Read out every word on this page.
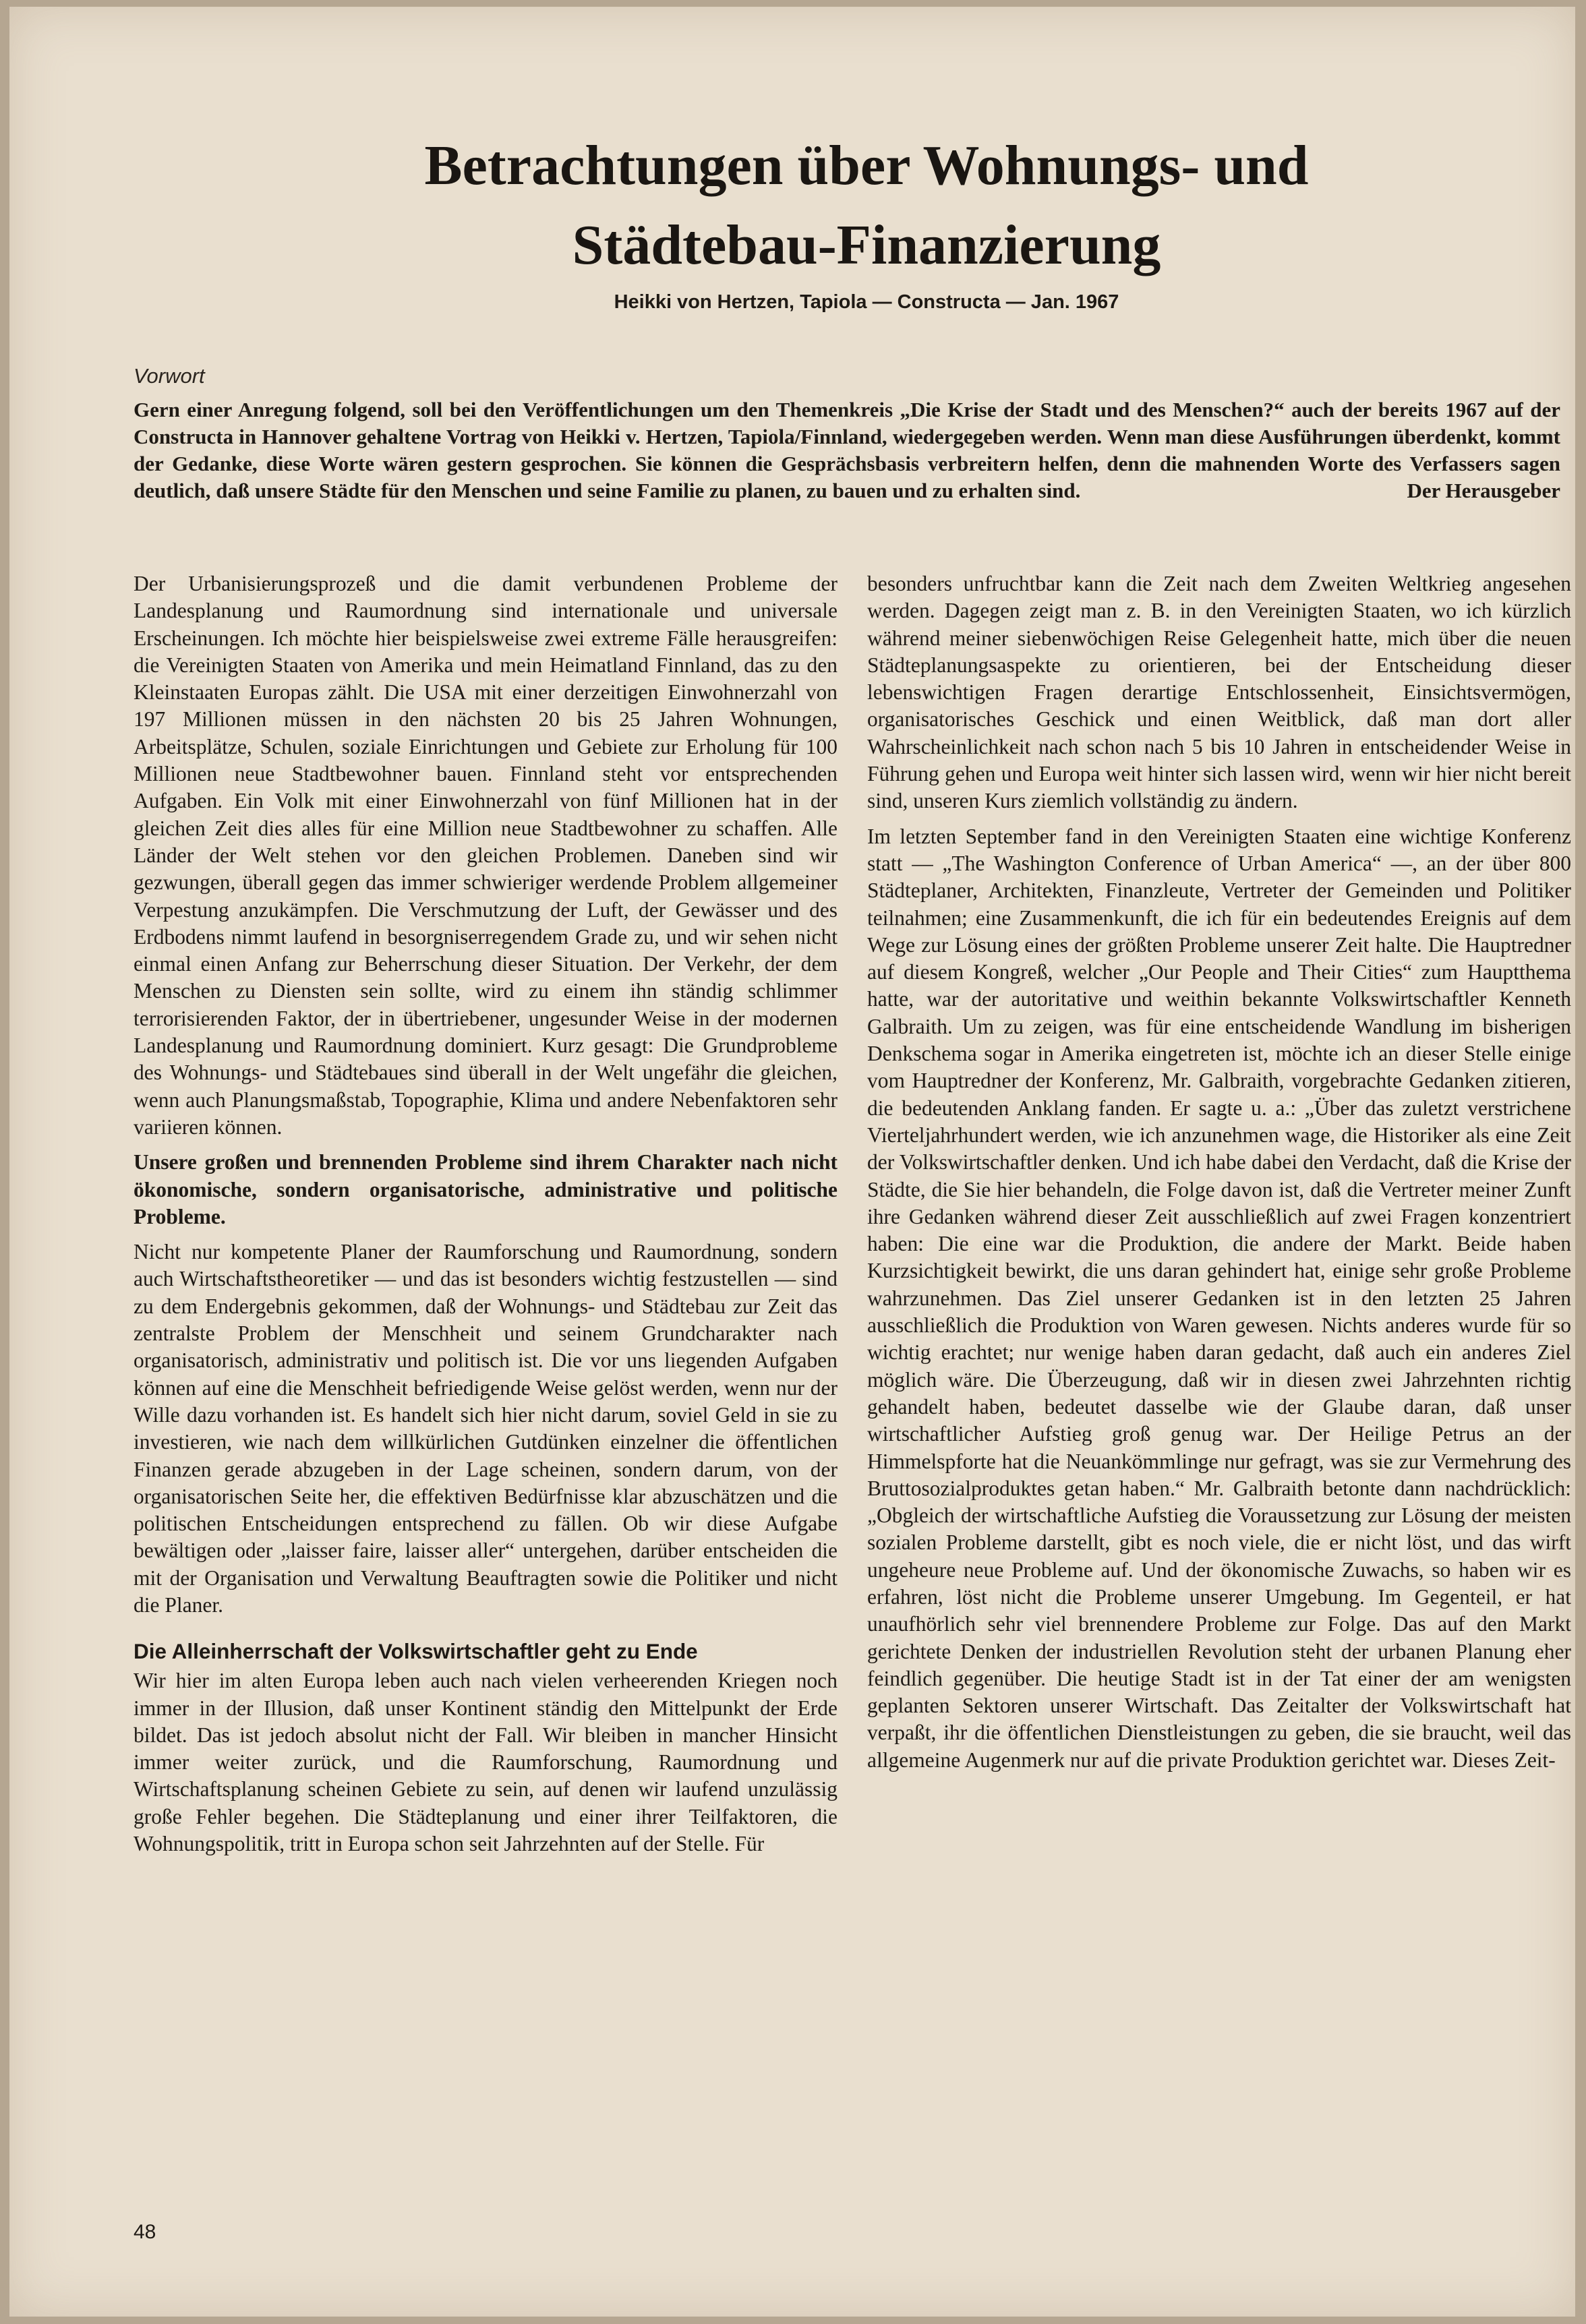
Betrachtungen über Wohnungs- und
Städtebau-Finanzierung
Heikki von Hertzen, Tapiola — Constructa — Jan. 1967
Vorwort
Gern einer Anregung folgend, soll bei den Veröffentlichungen um den Themenkreis „Die Krise der Stadt und des Menschen?“ auch der bereits 1967 auf der Constructa in Hannover gehaltene Vortrag von Heikki v. Hertzen, Tapiola/Finnland, wiedergegeben werden. Wenn man diese Ausführungen überdenkt, kommt der Gedanke, diese Worte wären gestern gesprochen. Sie können die Gesprächsbasis verbreitern helfen, denn die mahnenden Worte des Verfassers sagen deutlich, daß unsere Städte für den Menschen und seine Familie zu planen, zu bauen und zu erhalten sind.	Der Herausgeber

Der Urbanisierungsprozeß und die damit verbundenen Probleme der Landesplanung und Raumordnung sind internationale und universale Erscheinungen. Ich möchte hier beispielsweise zwei extreme Fälle herausgreifen: die Vereinigten Staaten von Amerika und mein Heimatland Finnland, das zu den Kleinstaaten Europas zählt. Die USA mit einer derzeitigen Einwohnerzahl von 197 Millionen müssen in den nächsten 20 bis 25 Jahren Wohnungen, Arbeitsplätze, Schulen, soziale Einrichtungen und Gebiete zur Erholung für 100 Millionen neue Stadtbewohner bauen. Finnland steht vor entsprechenden Aufgaben. Ein Volk mit einer Einwohnerzahl von fünf Millionen hat in der gleichen Zeit dies alles für eine Million neue Stadtbewohner zu schaffen. Alle Länder der Welt stehen vor den gleichen Problemen. Daneben sind wir gezwungen, überall gegen das immer schwieriger werdende Problem allgemeiner Verpestung anzukämpfen. Die Verschmutzung der Luft, der Gewässer und des Erdbodens nimmt laufend in besorgniserregendem Grade zu, und wir sehen nicht einmal einen Anfang zur Beherrschung dieser Situation. Der Verkehr, der dem Menschen zu Diensten sein sollte, wird zu einem ihn ständig schlimmer terrorisierenden Faktor, der in übertriebener, ungesunder Weise in der modernen Landesplanung und Raumordnung dominiert. Kurz gesagt: Die Grundprobleme des Wohnungs- und Städtebaues sind überall in der Welt ungefähr die gleichen, wenn auch Planungsmaßstab, Topographie, Klima und andere Nebenfaktoren sehr variieren können.

Unsere großen und brennenden Probleme sind ihrem Charakter nach nicht ökonomische, sondern organisatorische, administrative und politische Probleme.

Nicht nur kompetente Planer der Raumforschung und Raumordnung, sondern auch Wirtschaftstheoretiker — und das ist besonders wichtig festzustellen — sind zu dem Endergebnis gekommen, daß der Wohnungs- und Städtebau zur Zeit das zentralste Problem der Menschheit und seinem Grundcharakter nach organisatorisch, administrativ und politisch ist. Die vor uns liegenden Aufgaben können auf eine die Menschheit befriedigende Weise gelöst werden, wenn nur der Wille dazu vorhanden ist. Es handelt sich hier nicht darum, soviel Geld in sie zu investieren, wie nach dem willkürlichen Gutdünken einzelner die öffentlichen Finanzen gerade abzugeben in der Lage scheinen, sondern darum, von der organisatorischen Seite her, die effektiven Bedürfnisse klar abzuschätzen und die politischen Entscheidungen entsprechend zu fällen. Ob wir diese Aufgabe bewältigen oder „laisser faire, laisser aller“ untergehen, darüber entscheiden die mit der Organisation und Verwaltung Beauftragten sowie die Politiker und nicht die Planer.

Die Alleinherrschaft der Volkswirtschaftler geht zu Ende

Wir hier im alten Europa leben auch nach vielen verheerenden Kriegen noch immer in der Illusion, daß unser Kontinent ständig den Mittelpunkt der Erde bildet. Das ist jedoch absolut nicht der Fall. Wir bleiben in mancher Hinsicht immer weiter zurück, und die Raumforschung, Raumordnung und Wirtschaftsplanung scheinen Gebiete zu sein, auf denen wir laufend unzulässig große Fehler begehen. Die Städteplanung und einer ihrer Teilfaktoren, die Wohnungspolitik, tritt in Europa schon seit Jahrzehnten auf der Stelle. Für

besonders unfruchtbar kann die Zeit nach dem Zweiten Weltkrieg angesehen werden. Dagegen zeigt man z. B. in den Vereinigten Staaten, wo ich kürzlich während meiner siebenwöchigen Reise Gelegenheit hatte, mich über die neuen Städteplanungsaspekte zu orientieren, bei der Entscheidung dieser lebenswichtigen Fragen derartige Entschlossenheit, Einsichtsvermögen, organisatorisches Geschick und einen Weitblick, daß man dort aller Wahrscheinlichkeit nach schon nach 5 bis 10 Jahren in entscheidender Weise in Führung gehen und Europa weit hinter sich lassen wird, wenn wir hier nicht bereit sind, unseren Kurs ziemlich vollständig zu ändern.

Im letzten September fand in den Vereinigten Staaten eine wichtige Konferenz statt — „The Washington Conference of Urban America“ —, an der über 800 Städteplaner, Architekten, Finanzleute, Vertreter der Gemeinden und Politiker teilnahmen; eine Zusammenkunft, die ich für ein bedeutendes Ereignis auf dem Wege zur Lösung eines der größten Probleme unserer Zeit halte. Die Hauptredner auf diesem Kongreß, welcher „Our People and Their Cities“ zum Hauptthema hatte, war der autoritative und weithin bekannte Volkswirtschaftler Kenneth Galbraith. Um zu zeigen, was für eine entscheidende Wandlung im bisherigen Denkschema sogar in Amerika eingetreten ist, möchte ich an dieser Stelle einige vom Hauptredner der Konferenz, Mr. Galbraith, vorgebrachte Gedanken zitieren, die bedeutenden Anklang fanden. Er sagte u. a.: „Über das zuletzt verstrichene Vierteljahrhundert werden, wie ich anzunehmen wage, die Historiker als eine Zeit der Volkswirtschaftler denken. Und ich habe dabei den Verdacht, daß die Krise der Städte, die Sie hier behandeln, die Folge davon ist, daß die Vertreter meiner Zunft ihre Gedanken während dieser Zeit ausschließlich auf zwei Fragen konzentriert haben: Die eine war die Produktion, die andere der Markt. Beide haben Kurzsichtigkeit bewirkt, die uns daran gehindert hat, einige sehr große Probleme wahrzunehmen. Das Ziel unserer Gedanken ist in den letzten 25 Jahren ausschließlich die Produktion von Waren gewesen. Nichts anderes wurde für so wichtig erachtet; nur wenige haben daran gedacht, daß auch ein anderes Ziel möglich wäre. Die Überzeugung, daß wir in diesen zwei Jahrzehnten richtig gehandelt haben, bedeutet dasselbe wie der Glaube daran, daß unser wirtschaftlicher Aufstieg groß genug war. Der Heilige Petrus an der Himmelspforte hat die Neuankömmlinge nur gefragt, was sie zur Vermehrung des Bruttosozialproduktes getan haben.“ Mr. Galbraith betonte dann nachdrücklich: „Obgleich der wirtschaftliche Aufstieg die Voraussetzung zur Lösung der meisten sozialen Probleme darstellt, gibt es noch viele, die er nicht löst, und das wirft ungeheure neue Probleme auf. Und der ökonomische Zuwachs, so haben wir es erfahren, löst nicht die Probleme unserer Umgebung. Im Gegenteil, er hat unaufhörlich sehr viel brennendere Probleme zur Folge. Das auf den Markt gerichtete Denken der industriellen Revolution steht der urbanen Planung eher feindlich gegenüber. Die heutige Stadt ist in der Tat einer der am wenigsten geplanten Sektoren unserer Wirtschaft. Das Zeitalter der Volkswirtschaft hat verpaßt, ihr die öffentlichen Dienstleistungen zu geben, die sie braucht, weil das allgemeine Augenmerk nur auf die private Produktion gerichtet war. Dieses Zeit-

48
